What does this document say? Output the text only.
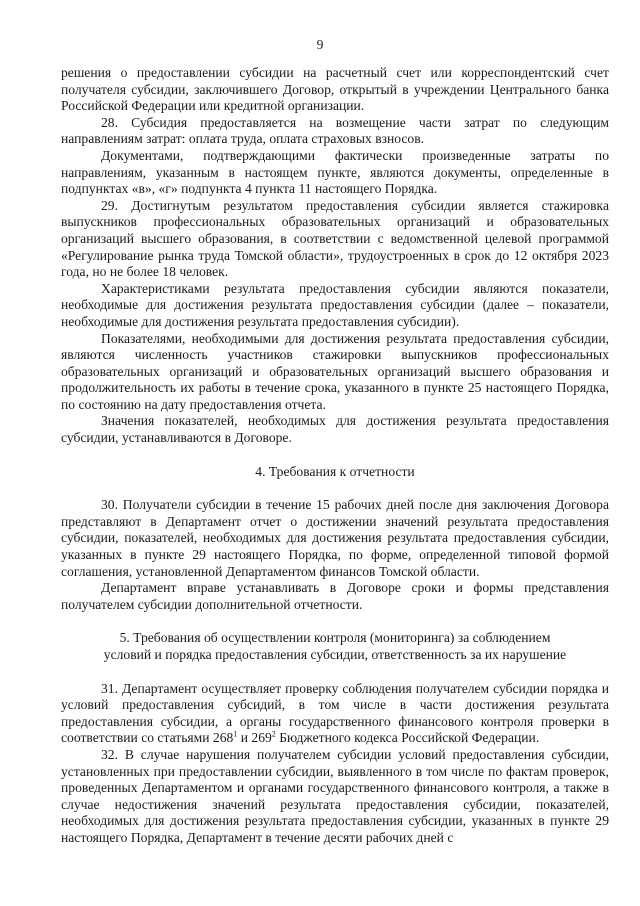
9

решения о предоставлении субсидии на расчетный счет или корреспондентский счет получателя субсидии, заключившего Договор, открытый в учреждении Центрального банка Российской Федерации или кредитной организации.

28. Субсидия предоставляется на возмещение части затрат по следующим направлениям затрат: оплата труда, оплата страховых взносов.

Документами, подтверждающими фактически произведенные затраты по направлениям, указанным в настоящем пункте, являются документы, определенные в подпунктах «в», «г» подпункта 4 пункта 11 настоящего Порядка.

29. Достигнутым результатом предоставления субсидии является стажировка выпускников профессиональных образовательных организаций и образовательных организаций высшего образования, в соответствии с ведомственной целевой программой «Регулирование рынка труда Томской области», трудоустроенных в срок до 12 октября 2023 года, но не более 18 человек.

Характеристиками результата предоставления субсидии являются показатели, необходимые для достижения результата предоставления субсидии (далее – показатели, необходимые для достижения результата предоставления субсидии).

Показателями, необходимыми для достижения результата предоставления субсидии, являются численность участников стажировки выпускников профессиональных образовательных организаций и образовательных организаций высшего образования и продолжительность их работы в течение срока, указанного в пункте 25 настоящего Порядка, по состоянию на дату предоставления отчета.

Значения показателей, необходимых для достижения результата предоставления субсидии, устанавливаются в Договоре.

4. Требования к отчетности

30. Получатели субсидии в течение 15 рабочих дней после дня заключения Договора представляют в Департамент отчет о достижении значений результата предоставления субсидии, показателей, необходимых для достижения результата предоставления субсидии, указанных в пункте 29 настоящего Порядка, по форме, определенной типовой формой соглашения, установленной Департаментом финансов Томской области.

Департамент вправе устанавливать в Договоре сроки и формы представления получателем субсидии дополнительной отчетности.

5. Требования об осуществлении контроля (мониторинга) за соблюдением
условий и порядка предоставления субсидии, ответственность за их нарушение

31. Департамент осуществляет проверку соблюдения получателем субсидии порядка и условий предоставления субсидий, в том числе в части достижения результата предоставления субсидии, а органы государственного финансового контроля проверки в соответствии со статьями $268^1$ и $269^2$ Бюджетного кодекса Российской Федерации.

32. В случае нарушения получателем субсидии условий предоставления субсидии, установленных при предоставлении субсидии, выявленного в том числе по фактам проверок, проведенных Департаментом и органами государственного финансового контроля, а также в случае недостижения значений результата предоставления субсидии, показателей, необходимых для достижения результата предоставления субсидии, указанных в пункте 29 настоящего Порядка, Департамент в течение десяти рабочих дней с
